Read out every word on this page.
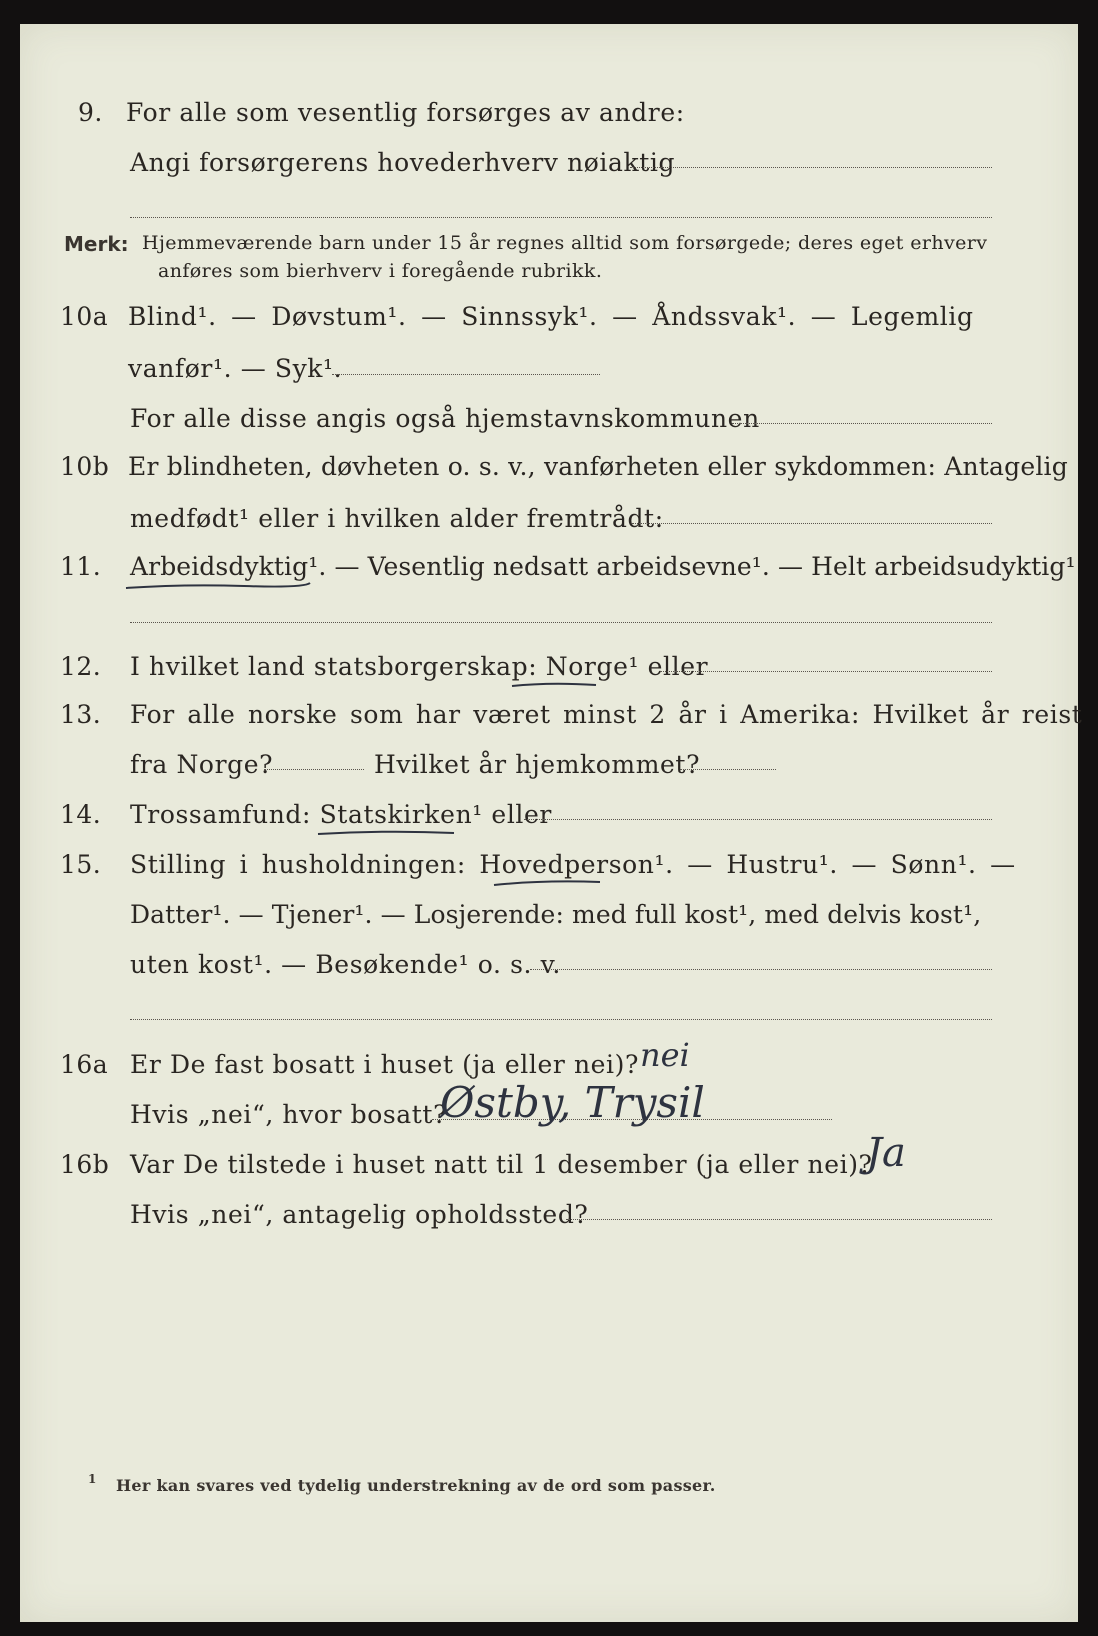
9. For alle som vesentlig forsørges av andre:
Angi forsørgerens hovederhverv nøiaktig
Merk: Hjemmeværende barn under 15 år regnes alltid som forsørgede; deres eget erhverv
anføres som bierhverv i foregående rubrikk.
10a Blind¹. — Døvstum¹. — Sinnssyk¹. — Åndssvak¹. — Legemlig
vanfør¹. — Syk¹.
For alle disse angis også hjemstavnskommunen
10b Er blindheten, døvheten o. s. v., vanførheten eller sykdommen: Antagelig
medfødt¹ eller i hvilken alder fremtrådt:
11. Arbeidsdyktig¹. — Vesentlig nedsatt arbeidsevne¹. — Helt arbeidsudyktig¹
12. I hvilket land statsborgerskap: Norge¹ eller
13. For alle norske som har været minst 2 år i Amerika: Hvilket år reist
fra Norge?	Hvilket år hjemkommet?
14. Trossamfund: Statskirken¹ eller
15. Stilling i husholdningen: Hovedperson¹. — Hustru¹. — Sønn¹. —
Datter¹. — Tjener¹. — Losjerende: med full kost¹, med delvis kost¹,
uten kost¹. — Besøkende¹ o. s. v.
16a Er De fast bosatt i huset (ja eller nei)? nei
Hvis „nei“, hvor bosatt?
Østby, Trysil
16b Var De tilstede i huset natt til 1 desember (ja eller nei)?
Ja
Hvis „nei“, antagelig opholdssted?
1 Her kan svares ved tydelig understrekning av de ord som passer.
